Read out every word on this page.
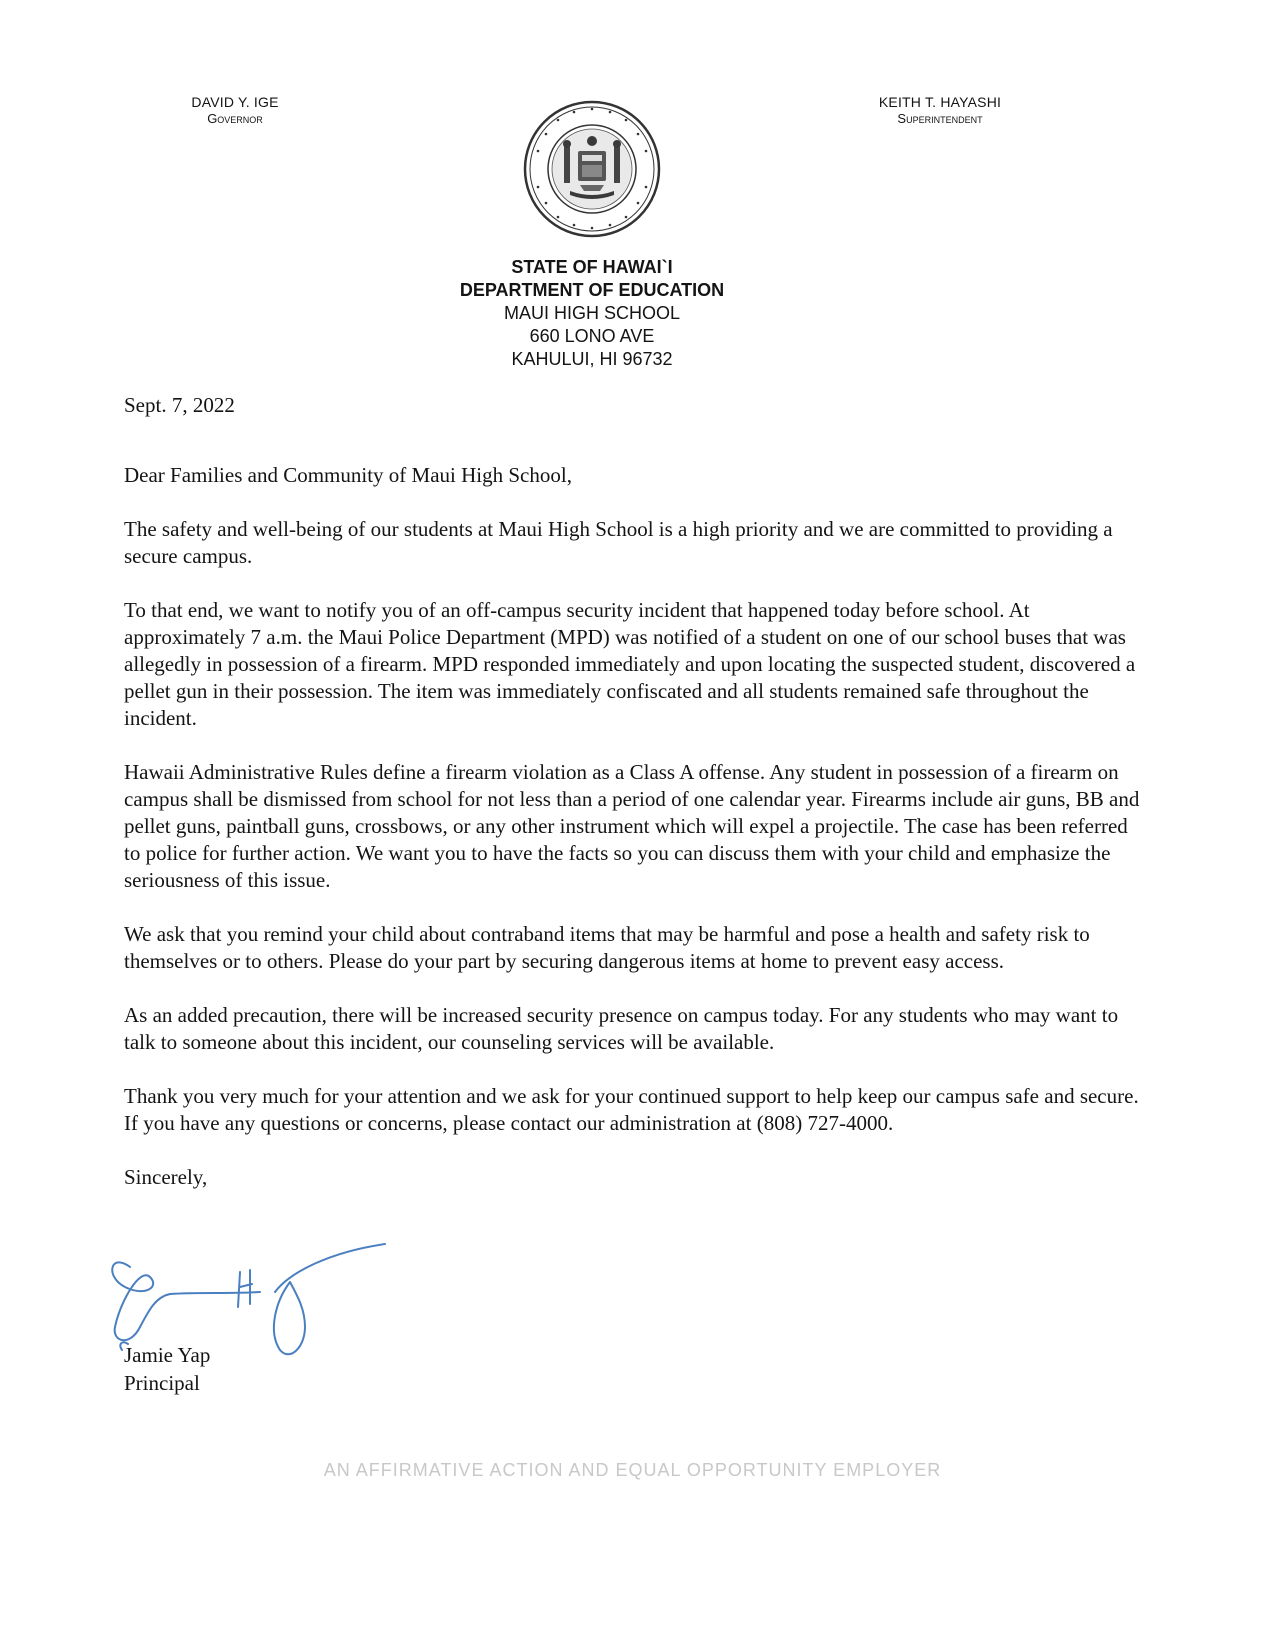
DAVID Y. IGE
Governor
KEITH T. HAYASHI
Superintendent
STATE OF HAWAI`I
DEPARTMENT OF EDUCATION
MAUI HIGH SCHOOL
660 LONO AVE
KAHULUI, HI 96732

Sept. 7, 2022

Dear Families and Community of Maui High School,

The safety and well-being of our students at Maui High School is a high priority and we are committed to providing a secure campus.

To that end, we want to notify you of an off-campus security incident that happened today before school. At approximately 7 a.m. the Maui Police Department (MPD) was notified of a student on one of our school buses that was allegedly in possession of a firearm. MPD responded immediately and upon locating the suspected student, discovered a pellet gun in their possession. The item was immediately confiscated and all students remained safe throughout the incident.

Hawaii Administrative Rules define a firearm violation as a Class A offense. Any student in possession of a firearm on campus shall be dismissed from school for not less than a period of one calendar year. Firearms include air guns, BB and pellet guns, paintball guns, crossbows, or any other instrument which will expel a projectile. The case has been referred to police for further action. We want you to have the facts so you can discuss them with your child and emphasize the seriousness of this issue.

We ask that you remind your child about contraband items that may be harmful and pose a health and safety risk to themselves or to others. Please do your part by securing dangerous items at home to prevent easy access.

As an added precaution, there will be increased security presence on campus today. For any students who may want to talk to someone about this incident, our counseling services will be available.

Thank you very much for your attention and we ask for your continued support to help keep our campus safe and secure. If you have any questions or concerns, please contact our administration at (808) 727-4000.

Sincerely,

Jamie Yap
Principal
AN AFFIRMATIVE ACTION AND EQUAL OPPORTUNITY EMPLOYER
